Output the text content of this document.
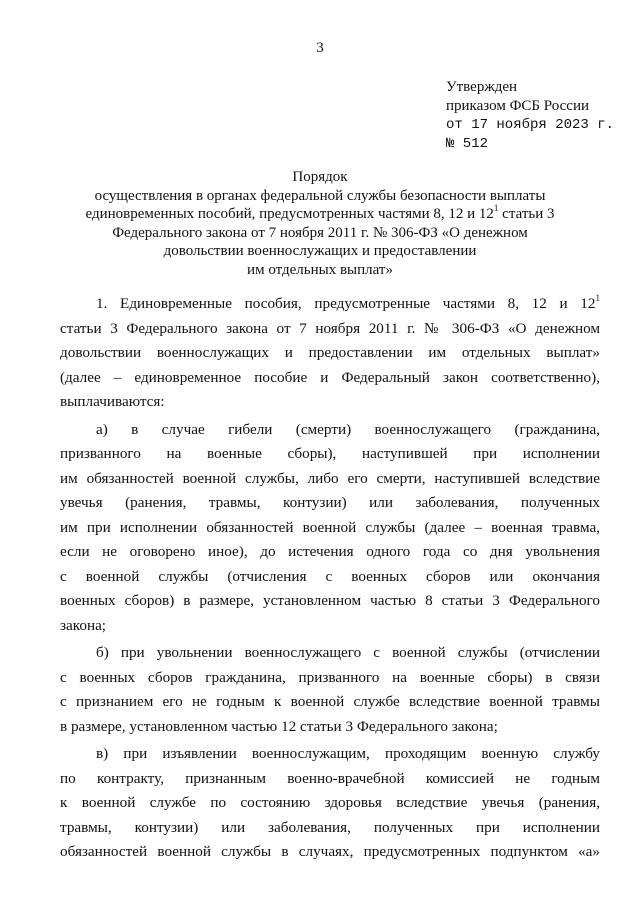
3
Утвержден
приказом ФСБ России
от 17 ноября 2023 г.
№ 512
Порядок
осуществления в органах федеральной службы безопасности выплаты
единовременных пособий, предусмотренных частями 8, 12 и $12^1$ статьи 3
Федерального закона от 7 ноября 2011 г. № 306-ФЗ «О денежном
довольствии военнослужащих и предоставлении
им отдельных выплат»

1. Единовременные пособия, предусмотренные частями 8, 12 и $12^1$
статьи 3 Федерального закона от 7 ноября 2011 г. № 306-ФЗ «О денежном
довольствии военнослужащих и предоставлении им отдельных выплат»
(далее – единовременное пособие и Федеральный закон соответственно),
выплачиваются:

а) в случае гибели (смерти) военнослужащего (гражданина,
призванного на военные сборы), наступившей при исполнении
им обязанностей военной службы, либо его смерти, наступившей вследствие
увечья (ранения, травмы, контузии) или заболевания, полученных
им при исполнении обязанностей военной службы (далее – военная травма,
если не оговорено иное), до истечения одного года со дня увольнения
с военной службы (отчисления с военных сборов или окончания
военных сборов) в размере, установленном частью 8 статьи 3 Федерального
закона;

б) при увольнении военнослужащего с военной службы (отчислении
с военных сборов гражданина, призванного на военные сборы) в связи
с признанием его не годным к военной службе вследствие военной травмы
в размере, установленном частью 12 статьи 3 Федерального закона;

в) при изъявлении военнослужащим, проходящим военную службу
по контракту, признанным военно-врачебной комиссией не годным
к военной службе по состоянию здоровья вследствие увечья (ранения,
травмы, контузии) или заболевания, полученных при исполнении
обязанностей военной службы в случаях, предусмотренных подпунктом «а»
